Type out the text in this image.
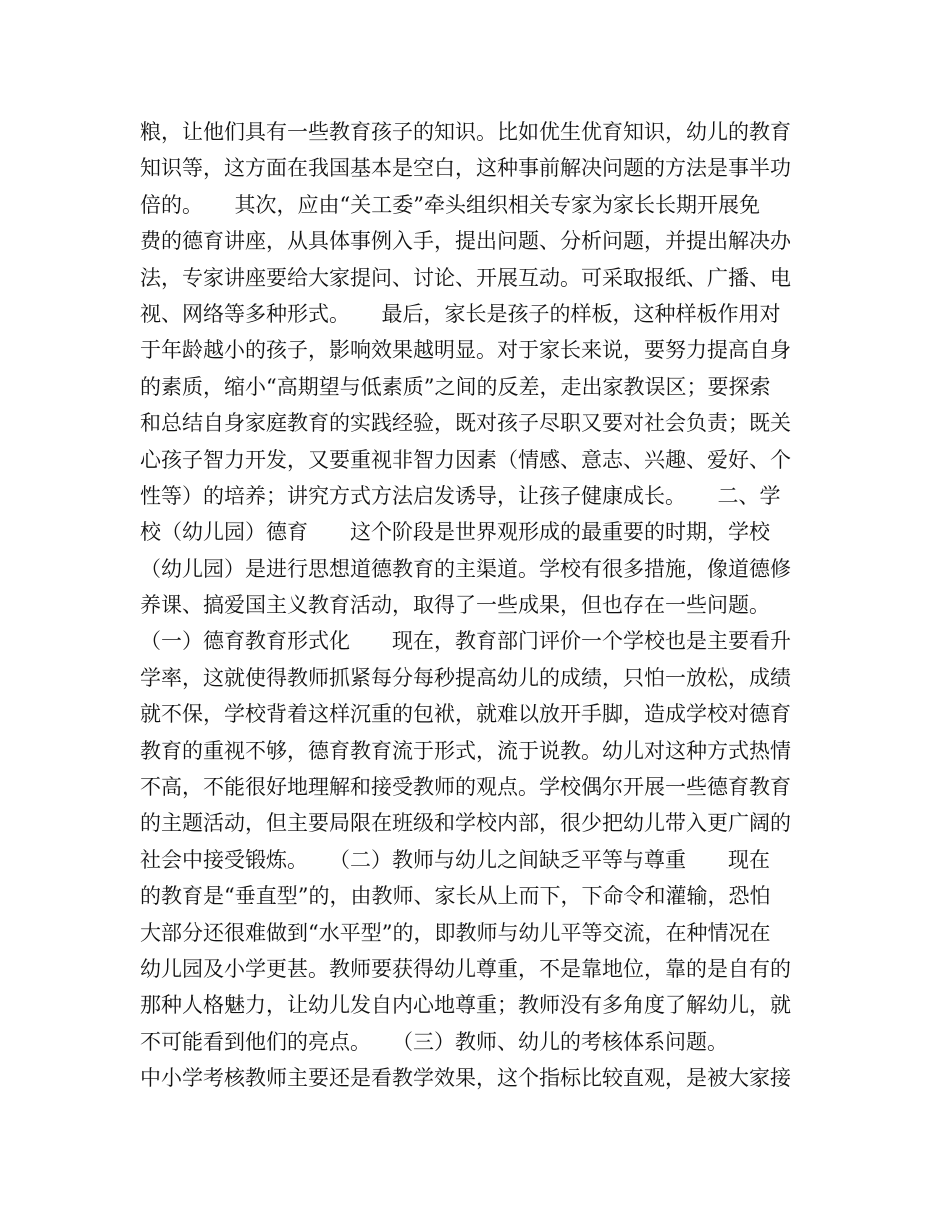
粮，让他们具有一些教育孩子的知识。比如优生优育知识，幼儿的教育
知识等，这方面在我国基本是空白，这种事前解决问题的方法是事半功
倍的。　　其次，应由“关工委”牵头组织相关专家为家长长期开展免
费的德育讲座，从具体事例入手，提出问题、分析问题，并提出解决办
法，专家讲座要给大家提问、讨论、开展互动。可采取报纸、广播、电
视、网络等多种形式。　　最后，家长是孩子的样板，这种样板作用对
于年龄越小的孩子，影响效果越明显。对于家长来说，要努力提高自身
的素质，缩小“高期望与低素质”之间的反差，走出家教误区；要探索
和总结自身家庭教育的实践经验，既对孩子尽职又要对社会负责；既关
心孩子智力开发，又要重视非智力因素（情感、意志、兴趣、爱好、个
性等）的培养；讲究方式方法启发诱导，让孩子健康成长。　　二、学
校（幼儿园）德育　　这个阶段是世界观形成的最重要的时期，学校
（幼儿园）是进行思想道德教育的主渠道。学校有很多措施，像道德修
养课、搞爱国主义教育活动，取得了一些成果，但也存在一些问题。
（一）德育教育形式化　　现在，教育部门评价一个学校也是主要看升
学率，这就使得教师抓紧每分每秒提高幼儿的成绩，只怕一放松，成绩
就不保，学校背着这样沉重的包袱，就难以放开手脚，造成学校对德育
教育的重视不够，德育教育流于形式，流于说教。幼儿对这种方式热情
不高，不能很好地理解和接受教师的观点。学校偶尔开展一些德育教育
的主题活动，但主要局限在班级和学校内部，很少把幼儿带入更广阔的
社会中接受锻炼。　　（二）教师与幼儿之间缺乏平等与尊重　　现在
的教育是“垂直型”的，由教师、家长从上而下，下命令和灌输，恐怕
大部分还很难做到“水平型”的，即教师与幼儿平等交流，在种情况在
幼儿园及小学更甚。教师要获得幼儿尊重，不是靠地位，靠的是自有的
那种人格魅力，让幼儿发自内心地尊重；教师没有多角度了解幼儿，就
不可能看到他们的亮点。　　（三）教师、幼儿的考核体系问题。
中小学考核教师主要还是看教学效果，这个指标比较直观，是被大家接
